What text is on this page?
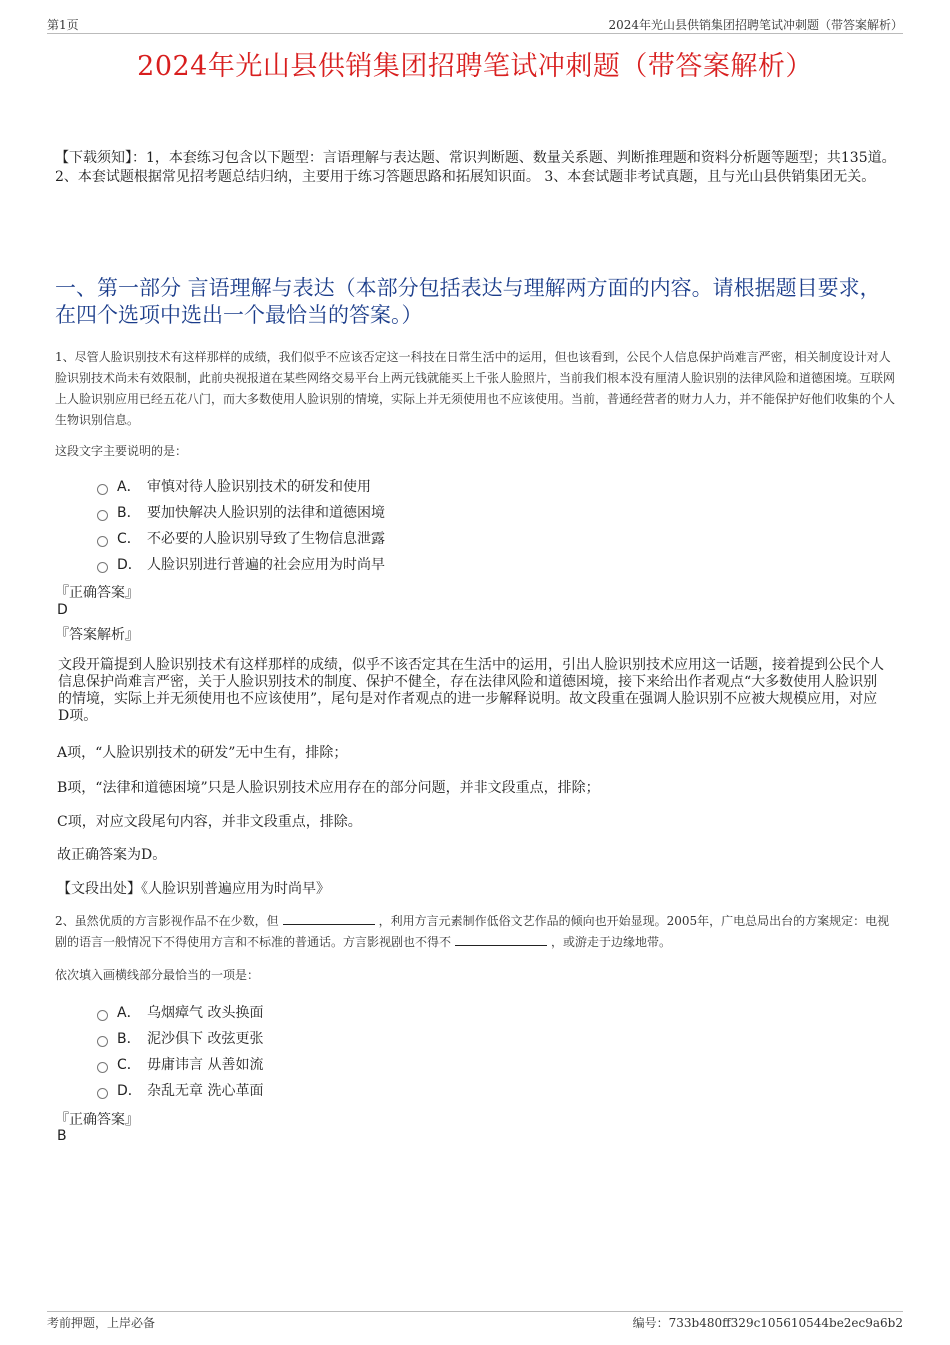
第1页	2024年光山县供销集团招聘笔试冲刺题（带答案解析）
2024年光山县供销集团招聘笔试冲刺题（带答案解析）
【下载须知】：1，本套练习包含以下题型：言语理解与表达题、常识判断题、数量关系题、判断推理题和资料分析题等题型；共135道。 2、本套试题根据常见招考题总结归纳，主要用于练习答题思路和拓展知识面。 3、本套试题非考试真题，且与光山县供销集团无关。
一、第一部分 言语理解与表达（本部分包括表达与理解两方面的内容。请根据题目要求，在四个选项中选出一个最恰当的答案。）
1、尽管人脸识别技术有这样那样的成绩，我们似乎不应该否定这一科技在日常生活中的运用，但也该看到，公民个人信息保护尚难言严密，相关制度设计对人脸识别技术尚未有效限制，此前央视报道在某些网络交易平台上两元钱就能买上千张人脸照片，当前我们根本没有厘清人脸识别的法律风险和道德困境。互联网上人脸识别应用已经五花八门，而大多数使用人脸识别的情境，实际上并无须使用也不应该使用。当前，普通经营者的财力人力，并不能保护好他们收集的个人生物识别信息。
这段文字主要说明的是：
A． 审慎对待人脸识别技术的研发和使用
B． 要加快解决人脸识别的法律和道德困境
C． 不必要的人脸识别导致了生物信息泄露
D． 人脸识别进行普遍的社会应用为时尚早
『正确答案』
D
『答案解析』
文段开篇提到人脸识别技术有这样那样的成绩，似乎不该否定其在生活中的运用，引出人脸识别技术应用这一话题，接着提到公民个人信息保护尚难言严密，关于人脸识别技术的制度、保护不健全，存在法律风险和道德困境，接下来给出作者观点“大多数使用人脸识别的情境，实际上并无须使用也不应该使用”，尾句是对作者观点的进一步解释说明。故文段重在强调人脸识别不应被大规模应用，对应D项。
A项，“人脸识别技术的研发”无中生有，排除；
B项，“法律和道德困境”只是人脸识别技术应用存在的部分问题，并非文段重点，排除；
C项，对应文段尾句内容，并非文段重点，排除。
故正确答案为D。
【文段出处】《人脸识别普遍应用为时尚早》
2、虽然优质的方言影视作品不在少数，但	，利用方言元素制作低俗文艺作品的倾向也开始显现。2005年，广电总局出台的方案规定：电视剧的语言一般情况下不得使用方言和不标准的普通话。方言影视剧也不得不	，或游走于边缘地带。
依次填入画横线部分最恰当的一项是：
A． 乌烟瘴气 改头换面
B． 泥沙俱下 改弦更张
C． 毋庸讳言 从善如流
D． 杂乱无章 洗心革面
『正确答案』
B
考前押题，上岸必备	编号：733b480ff329c105610544be2ec9a6b2
